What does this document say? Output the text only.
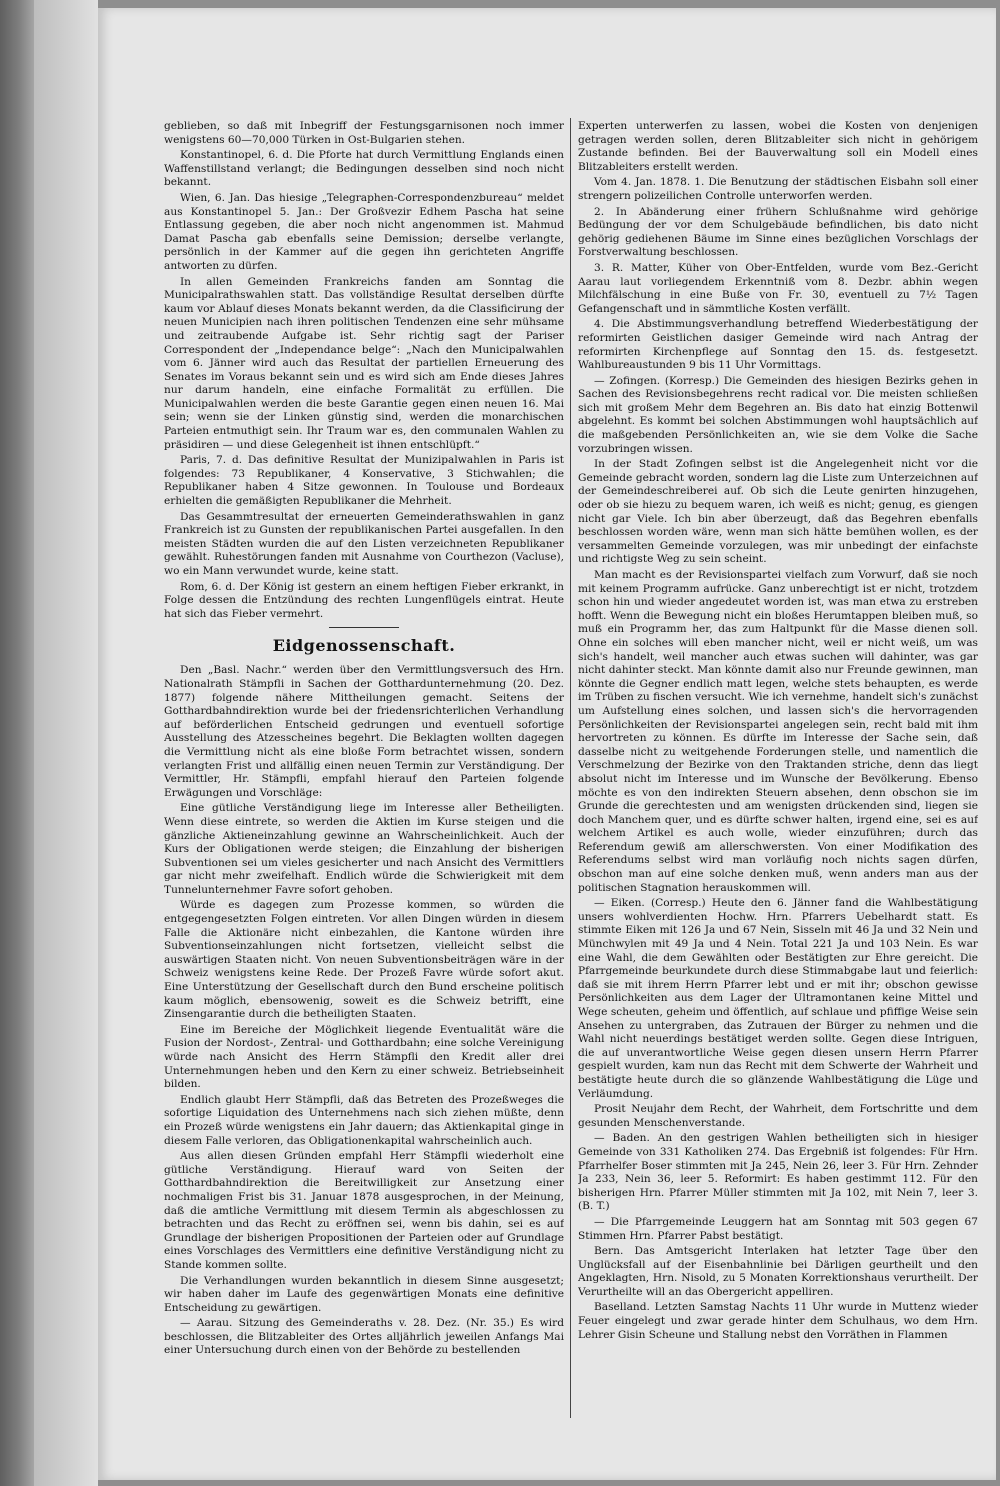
geblieben, so daß mit Inbegriff der Festungsgarnisonen noch immer wenigstens 60—70,000 Türken in Ost-Bulgarien stehen.

Konstantinopel, 6. d. Die Pforte hat durch Vermittlung Englands einen Waffenstillstand verlangt; die Bedingungen desselben sind noch nicht bekannt.

Wien, 6. Jan. Das hiesige „Telegraphen-Correspondenzbureau“ meldet aus Konstantinopel 5. Jan.: Der Großvezir Edhem Pascha hat seine Entlassung gegeben, die aber noch nicht angenommen ist. Mahmud Damat Pascha gab ebenfalls seine Demission; derselbe verlangte, persönlich in der Kammer auf die gegen ihn gerichteten Angriffe antworten zu dürfen.

In allen Gemeinden Frankreichs fanden am Sonntag die Municipalrathswahlen statt. Das vollständige Resultat derselben dürfte kaum vor Ablauf dieses Monats bekannt werden, da die Classificirung der neuen Municipien nach ihren politischen Tendenzen eine sehr mühsame und zeitraubende Aufgabe ist. Sehr richtig sagt der Pariser Correspondent der „Independance belge“: „Nach den Municipalwahlen vom 6. Jänner wird auch das Resultat der partiellen Erneuerung des Senates im Voraus bekannt sein und es wird sich am Ende dieses Jahres nur darum handeln, eine einfache Formalität zu erfüllen. Die Municipalwahlen werden die beste Garantie gegen einen neuen 16. Mai sein; wenn sie der Linken günstig sind, werden die monarchischen Parteien entmuthigt sein. Ihr Traum war es, den communalen Wahlen zu präsidiren — und diese Gelegenheit ist ihnen entschlüpft.“

Paris, 7. d. Das definitive Resultat der Munizipalwahlen in Paris ist folgendes: 73 Republikaner, 4 Konservative, 3 Stichwahlen; die Republikaner haben 4 Sitze gewonnen. In Toulouse und Bordeaux erhielten die gemäßigten Republikaner die Mehrheit.

Das Gesammtresultat der erneuerten Gemeinderathswahlen in ganz Frankreich ist zu Gunsten der republikanischen Partei ausgefallen. In den meisten Städten wurden die auf den Listen verzeichneten Republikaner gewählt. Ruhestörungen fanden mit Ausnahme von Courthezon (Vacluse), wo ein Mann verwundet wurde, keine statt.

Rom, 6. d. Der König ist gestern an einem heftigen Fieber erkrankt, in Folge dessen die Entzündung des rechten Lungenflügels eintrat. Heute hat sich das Fieber vermehrt.

Eidgenossenschaft.

Den „Basl. Nachr.“ werden über den Vermittlungsversuch des Hrn. Nationalrath Stämpfli in Sachen der Gotthardunternehmung (20. Dez. 1877) folgende nähere Mittheilungen gemacht. Seitens der Gotthardbahndirektion wurde bei der friedensrichterlichen Verhandlung auf beförderlichen Entscheid gedrungen und eventuell sofortige Ausstellung des Atzesscheines begehrt. Die Beklagten wollten dagegen die Vermittlung nicht als eine bloße Form betrachtet wissen, sondern verlangten Frist und allfällig einen neuen Termin zur Verständigung. Der Vermittler, Hr. Stämpfli, empfahl hierauf den Parteien folgende Erwägungen und Vorschläge:

Eine gütliche Verständigung liege im Interesse aller Betheiligten. Wenn diese eintrete, so werden die Aktien im Kurse steigen und die gänzliche Aktieneinzahlung gewinne an Wahrscheinlichkeit. Auch der Kurs der Obligationen werde steigen; die Einzahlung der bisherigen Subventionen sei um vieles gesicherter und nach Ansicht des Vermittlers gar nicht mehr zweifelhaft. Endlich würde die Schwierigkeit mit dem Tunnelunternehmer Favre sofort gehoben.

Würde es dagegen zum Prozesse kommen, so würden die entgegengesetzten Folgen eintreten. Vor allen Dingen würden in diesem Falle die Aktionäre nicht einbezahlen, die Kantone würden ihre Subventionseinzahlungen nicht fortsetzen, vielleicht selbst die auswärtigen Staaten nicht. Von neuen Subventionsbeiträgen wäre in der Schweiz wenigstens keine Rede. Der Prozeß Favre würde sofort akut. Eine Unterstützung der Gesellschaft durch den Bund erscheine politisch kaum möglich, ebensowenig, soweit es die Schweiz betrifft, eine Zinsengarantie durch die betheiligten Staaten.

Eine im Bereiche der Möglichkeit liegende Eventualität wäre die Fusion der Nordost-, Zentral- und Gotthardbahn; eine solche Vereinigung würde nach Ansicht des Herrn Stämpfli den Kredit aller drei Unternehmungen heben und den Kern zu einer schweiz. Betriebseinheit bilden.

Endlich glaubt Herr Stämpfli, daß das Betreten des Prozeßweges die sofortige Liquidation des Unternehmens nach sich ziehen müßte, denn ein Prozeß würde wenigstens ein Jahr dauern; das Aktienkapital ginge in diesem Falle verloren, das Obligationenkapital wahrscheinlich auch.

Aus allen diesen Gründen empfahl Herr Stämpfli wiederholt eine gütliche Verständigung. Hierauf ward von Seiten der Gotthardbahndirektion die Bereitwilligkeit zur Ansetzung einer nochmaligen Frist bis 31. Januar 1878 ausgesprochen, in der Meinung, daß die amtliche Vermittlung mit diesem Termin als abgeschlossen zu betrachten und das Recht zu eröffnen sei, wenn bis dahin, sei es auf Grundlage der bisherigen Propositionen der Parteien oder auf Grundlage eines Vorschlages des Vermittlers eine definitive Verständigung nicht zu Stande kommen sollte.

Die Verhandlungen wurden bekanntlich in diesem Sinne ausgesetzt; wir haben daher im Laufe des gegenwärtigen Monats eine definitive Entscheidung zu gewärtigen.

— Aarau. Sitzung des Gemeinderaths v. 28. Dez. (Nr. 35.) Es wird beschlossen, die Blitzableiter des Ortes alljährlich jeweilen Anfangs Mai einer Untersuchung durch einen von der Behörde zu bestellenden

Experten unterwerfen zu lassen, wobei die Kosten von denjenigen getragen werden sollen, deren Blitzableiter sich nicht in gehörigem Zustande befinden. Bei der Bauverwaltung soll ein Modell eines Blitzableiters erstellt werden.

Vom 4. Jan. 1878. 1. Die Benutzung der städtischen Eisbahn soll einer strengern polizeilichen Controlle unterworfen werden.

2. In Abänderung einer frühern Schlußnahme wird gehörige Bedüngung der vor dem Schulgebäude befindlichen, bis dato nicht gehörig gediehenen Bäume im Sinne eines bezüglichen Vorschlags der Forstverwaltung beschlossen.

3. R. Matter, Küher von Ober-Entfelden, wurde vom Bez.-Gericht Aarau laut vorliegendem Erkenntniß vom 8. Dezbr. abhin wegen Milchfälschung in eine Buße von Fr. 30, eventuell zu 7½ Tagen Gefangenschaft und in sämmtliche Kosten verfällt.

4. Die Abstimmungsverhandlung betreffend Wiederbestätigung der reformirten Geistlichen dasiger Gemeinde wird nach Antrag der reformirten Kirchenpflege auf Sonntag den 15. ds. festgesetzt. Wahlbureaustunden 9 bis 11 Uhr Vormittags.

— Zofingen. (Korresp.) Die Gemeinden des hiesigen Bezirks gehen in Sachen des Revisionsbegehrens recht radical vor. Die meisten schließen sich mit großem Mehr dem Begehren an. Bis dato hat einzig Bottenwil abgelehnt. Es kommt bei solchen Abstimmungen wohl hauptsächlich auf die maßgebenden Persönlichkeiten an, wie sie dem Volke die Sache vorzubringen wissen.

In der Stadt Zofingen selbst ist die Angelegenheit nicht vor die Gemeinde gebracht worden, sondern lag die Liste zum Unterzeichnen auf der Gemeindeschreiberei auf. Ob sich die Leute genirten hinzugehen, oder ob sie hiezu zu bequem waren, ich weiß es nicht; genug, es giengen nicht gar Viele. Ich bin aber überzeugt, daß das Begehren ebenfalls beschlossen worden wäre, wenn man sich hätte bemühen wollen, es der versammelten Gemeinde vorzulegen, was mir unbedingt der einfachste und richtigste Weg zu sein scheint.

Man macht es der Revisionspartei vielfach zum Vorwurf, daß sie noch mit keinem Programm aufrücke. Ganz unberechtigt ist er nicht, trotzdem schon hin und wieder angedeutet worden ist, was man etwa zu erstreben hofft. Wenn die Bewegung nicht ein bloßes Herumtappen bleiben muß, so muß ein Programm her, das zum Haltpunkt für die Masse dienen soll. Ohne ein solches will eben mancher nicht, weil er nicht weiß, um was sich's handelt, weil mancher auch etwas suchen will dahinter, was gar nicht dahinter steckt. Man könnte damit also nur Freunde gewinnen, man könnte die Gegner endlich matt legen, welche stets behaupten, es werde im Trüben zu fischen versucht. Wie ich vernehme, handelt sich's zunächst um Aufstellung eines solchen, und lassen sich's die hervorragenden Persönlichkeiten der Revisionspartei angelegen sein, recht bald mit ihm hervortreten zu können. Es dürfte im Interesse der Sache sein, daß dasselbe nicht zu weitgehende Forderungen stelle, und namentlich die Verschmelzung der Bezirke von den Traktanden striche, denn das liegt absolut nicht im Interesse und im Wunsche der Bevölkerung. Ebenso möchte es von den indirekten Steuern absehen, denn obschon sie im Grunde die gerechtesten und am wenigsten drückenden sind, liegen sie doch Manchem quer, und es dürfte schwer halten, irgend eine, sei es auf welchem Artikel es auch wolle, wieder einzuführen; durch das Referendum gewiß am allerschwersten. Von einer Modifikation des Referendums selbst wird man vorläufig noch nichts sagen dürfen, obschon man auf eine solche denken muß, wenn anders man aus der politischen Stagnation herauskommen will.

— Eiken. (Corresp.) Heute den 6. Jänner fand die Wahlbestätigung unsers wohlverdienten Hochw. Hrn. Pfarrers Uebelhardt statt. Es stimmte Eiken mit 126 Ja und 67 Nein, Sisseln mit 46 Ja und 32 Nein und Münchwylen mit 49 Ja und 4 Nein. Total 221 Ja und 103 Nein. Es war eine Wahl, die dem Gewählten oder Bestätigten zur Ehre gereicht. Die Pfarrgemeinde beurkundete durch diese Stimmabgabe laut und feierlich: daß sie mit ihrem Herrn Pfarrer lebt und er mit ihr; obschon gewisse Persönlichkeiten aus dem Lager der Ultramontanen keine Mittel und Wege scheuten, geheim und öffentlich, auf schlaue und pfiffige Weise sein Ansehen zu untergraben, das Zutrauen der Bürger zu nehmen und die Wahl nicht neuerdings bestätiget werden sollte. Gegen diese Intriguen, die auf unverantwortliche Weise gegen diesen unsern Herrn Pfarrer gespielt wurden, kam nun das Recht mit dem Schwerte der Wahrheit und bestätigte heute durch die so glänzende Wahlbestätigung die Lüge und Verläumdung.

Prosit Neujahr dem Recht, der Wahrheit, dem Fortschritte und dem gesunden Menschenverstande.

— Baden. An den gestrigen Wahlen betheiligten sich in hiesiger Gemeinde von 331 Katholiken 274. Das Ergebniß ist folgendes: Für Hrn. Pfarrhelfer Boser stimmten mit Ja 245, Nein 26, leer 3. Für Hrn. Zehnder Ja 233, Nein 36, leer 5. Reformirt: Es haben gestimmt 112. Für den bisherigen Hrn. Pfarrer Müller stimmten mit Ja 102, mit Nein 7, leer 3. (B. T.)

— Die Pfarrgemeinde Leuggern hat am Sonntag mit 503 gegen 67 Stimmen Hrn. Pfarrer Pabst bestätigt.

Bern. Das Amtsgericht Interlaken hat letzter Tage über den Unglücksfall auf der Eisenbahnlinie bei Därligen geurtheilt und den Angeklagten, Hrn. Nisold, zu 5 Monaten Korrektionshaus verurtheilt. Der Verurtheilte will an das Obergericht appelliren.

Baselland. Letzten Samstag Nachts 11 Uhr wurde in Muttenz wieder Feuer eingelegt und zwar gerade hinter dem Schulhaus, wo dem Hrn. Lehrer Gisin Scheune und Stallung nebst den Vorräthen in Flammen
